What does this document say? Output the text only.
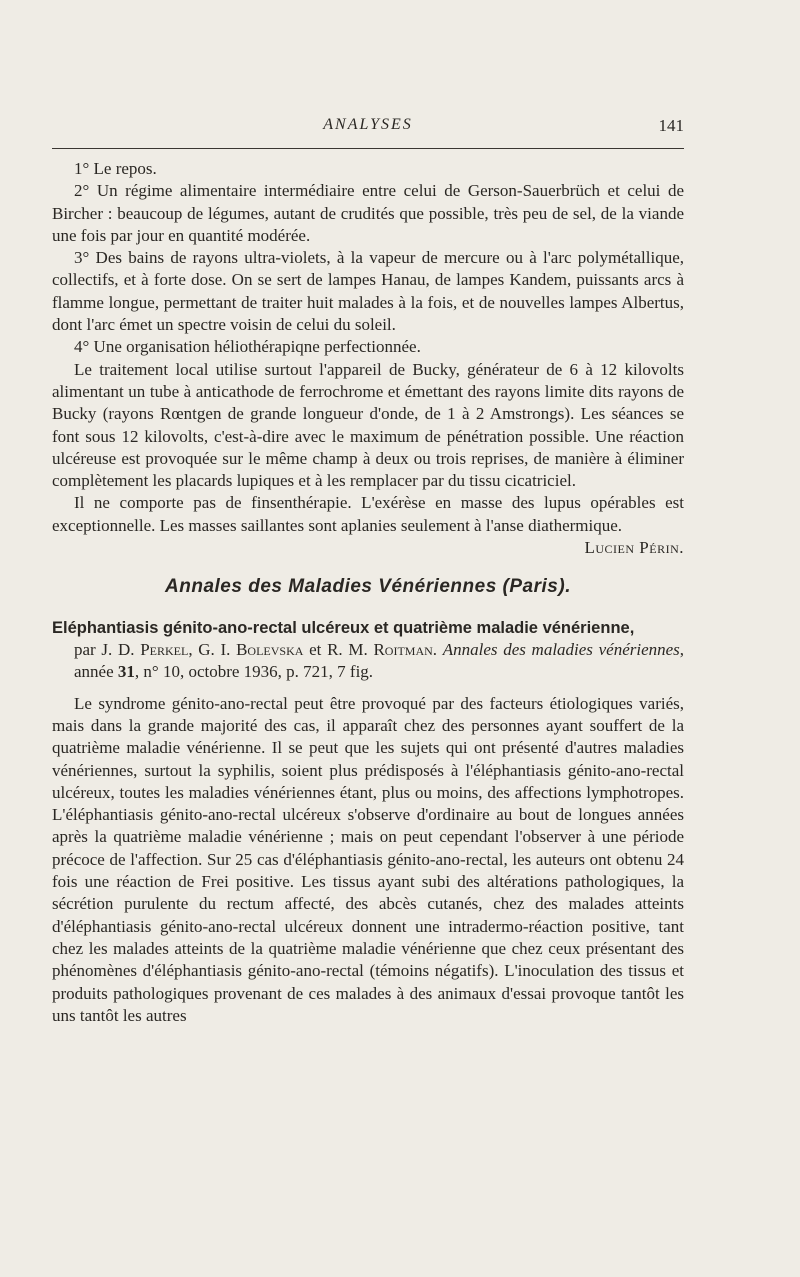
ANALYSES	141

1° Le repos.

2° Un régime alimentaire intermédiaire entre celui de Gerson-Sauerbrüch et celui de Bircher : beaucoup de légumes, autant de crudités que possible, très peu de sel, de la viande une fois par jour en quantité modérée.

3° Des bains de rayons ultra-violets, à la vapeur de mercure ou à l'arc polymétallique, collectifs, et à forte dose. On se sert de lampes Hanau, de lampes Kandem, puissants arcs à flamme longue, permettant de traiter huit malades à la fois, et de nouvelles lampes Albertus, dont l'arc émet un spectre voisin de celui du soleil.

4° Une organisation héliothérapiqne perfectionnée.

Le traitement local utilise surtout l'appareil de Bucky, générateur de 6 à 12 kilovolts alimentant un tube à anticathode de ferrochrome et émettant des rayons limite dits rayons de Bucky (rayons Rœntgen de grande longueur d'onde, de 1 à 2 Amstrongs). Les séances se font sous 12 kilovolts, c'est-à-dire avec le maximum de pénétration possible. Une réaction ulcéreuse est provoquée sur le même champ à deux ou trois reprises, de manière à éliminer complètement les placards lupiques et à les remplacer par du tissu cicatriciel.

Il ne comporte pas de finsenthérapie. L'exérèse en masse des lupus opérables est exceptionnelle. Les masses saillantes sont aplanies seulement à l'anse diathermique.
Lucien Périn.

Annales des Maladies Vénériennes (Paris).
Eléphantiasis génito-ano-rectal ulcéreux et quatrième maladie vénérienne,

par J. D. Perkel, G. I. Bolevska et R. M. Roitman. Annales des maladies vénériennes, année 31, n° 10, octobre 1936, p. 721, 7 fig.

Le syndrome génito-ano-rectal peut être provoqué par des facteurs étiologiques variés, mais dans la grande majorité des cas, il apparaît chez des personnes ayant souffert de la quatrième maladie vénérienne. Il se peut que les sujets qui ont présenté d'autres maladies vénériennes, surtout la syphilis, soient plus prédisposés à l'éléphantiasis génito-ano-rectal ulcéreux, toutes les maladies vénériennes étant, plus ou moins, des affections lymphotropes. L'éléphantiasis génito-ano-rectal ulcéreux s'observe d'ordinaire au bout de longues années après la quatrième maladie vénérienne ; mais on peut cependant l'observer à une période précoce de l'affection. Sur 25 cas d'éléphantiasis génito-ano-rectal, les auteurs ont obtenu 24 fois une réaction de Frei positive. Les tissus ayant subi des altérations pathologiques, la sécrétion purulente du rectum affecté, des abcès cutanés, chez des malades atteints d'éléphantiasis génito-ano-rectal ulcéreux donnent une intradermo-réaction positive, tant chez les malades atteints de la quatrième maladie vénérienne que chez ceux présentant des phénomènes d'éléphantiasis génito-ano-rectal (témoins négatifs). L'inoculation des tissus et produits pathologiques provenant de ces malades à des animaux d'essai provoque tantôt les uns tantôt les autres
